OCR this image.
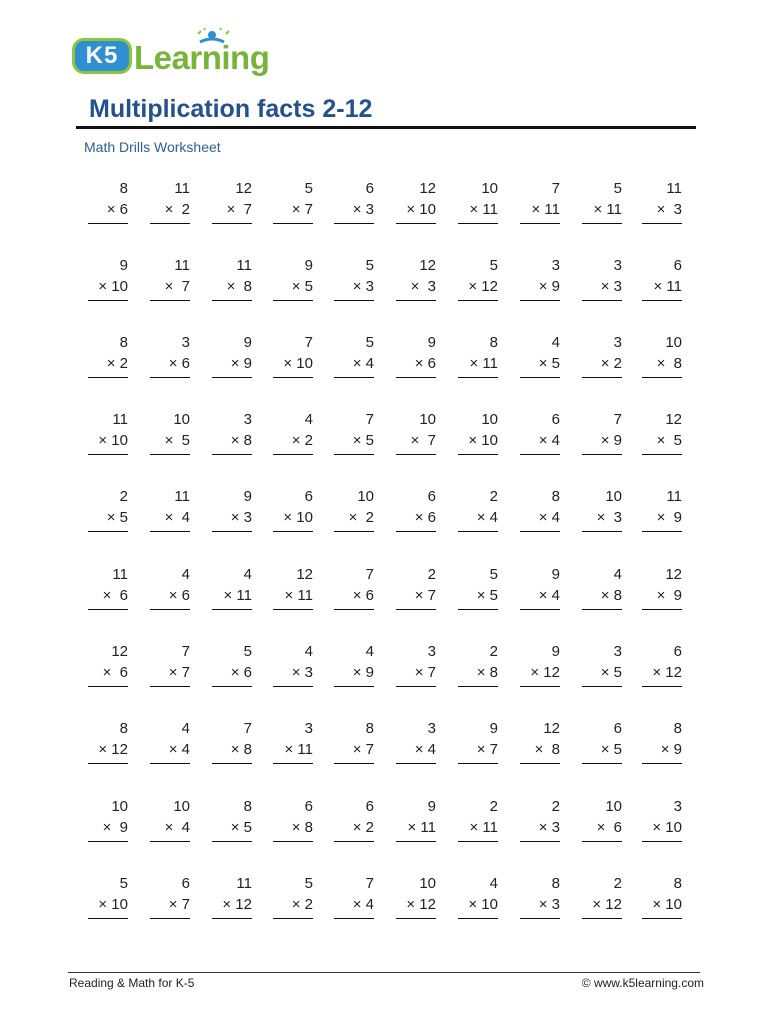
K5 Learning
Multiplication facts 2-12
Math Drills Worksheet
8
× 6
11
×  2
12
×  7
5
× 7
6
× 3
12
× 10
10
× 11
7
× 11
5
× 11
11
×  3
9
× 10
11
×  7
11
×  8
9
× 5
5
× 3
12
×  3
5
× 12
3
× 9
3
× 3
6
× 11
8
× 2
3
× 6
9
× 9
7
× 10
5
× 4
9
× 6
8
× 11
4
× 5
3
× 2
10
×  8
11
× 10
10
×  5
3
× 8
4
× 2
7
× 5
10
×  7
10
× 10
6
× 4
7
× 9
12
×  5
2
× 5
11
×  4
9
× 3
6
× 10
10
×  2
6
× 6
2
× 4
8
× 4
10
×  3
11
×  9
11
×  6
4
× 6
4
× 11
12
× 11
7
× 6
2
× 7
5
× 5
9
× 4
4
× 8
12
×  9
12
×  6
7
× 7
5
× 6
4
× 3
4
× 9
3
× 7
2
× 8
9
× 12
3
× 5
6
× 12
8
× 12
4
× 4
7
× 8
3
× 11
8
× 7
3
× 4
9
× 7
12
×  8
6
× 5
8
× 9
10
×  9
10
×  4
8
× 5
6
× 8
6
× 2
9
× 11
2
× 11
2
× 3
10
×  6
3
× 10
5
× 10
6
× 7
11
× 12
5
× 2
7
× 4
10
× 12
4
× 10
8
× 3
2
× 12
8
× 10
Reading & Math for K-5	© www.k5learning.com
